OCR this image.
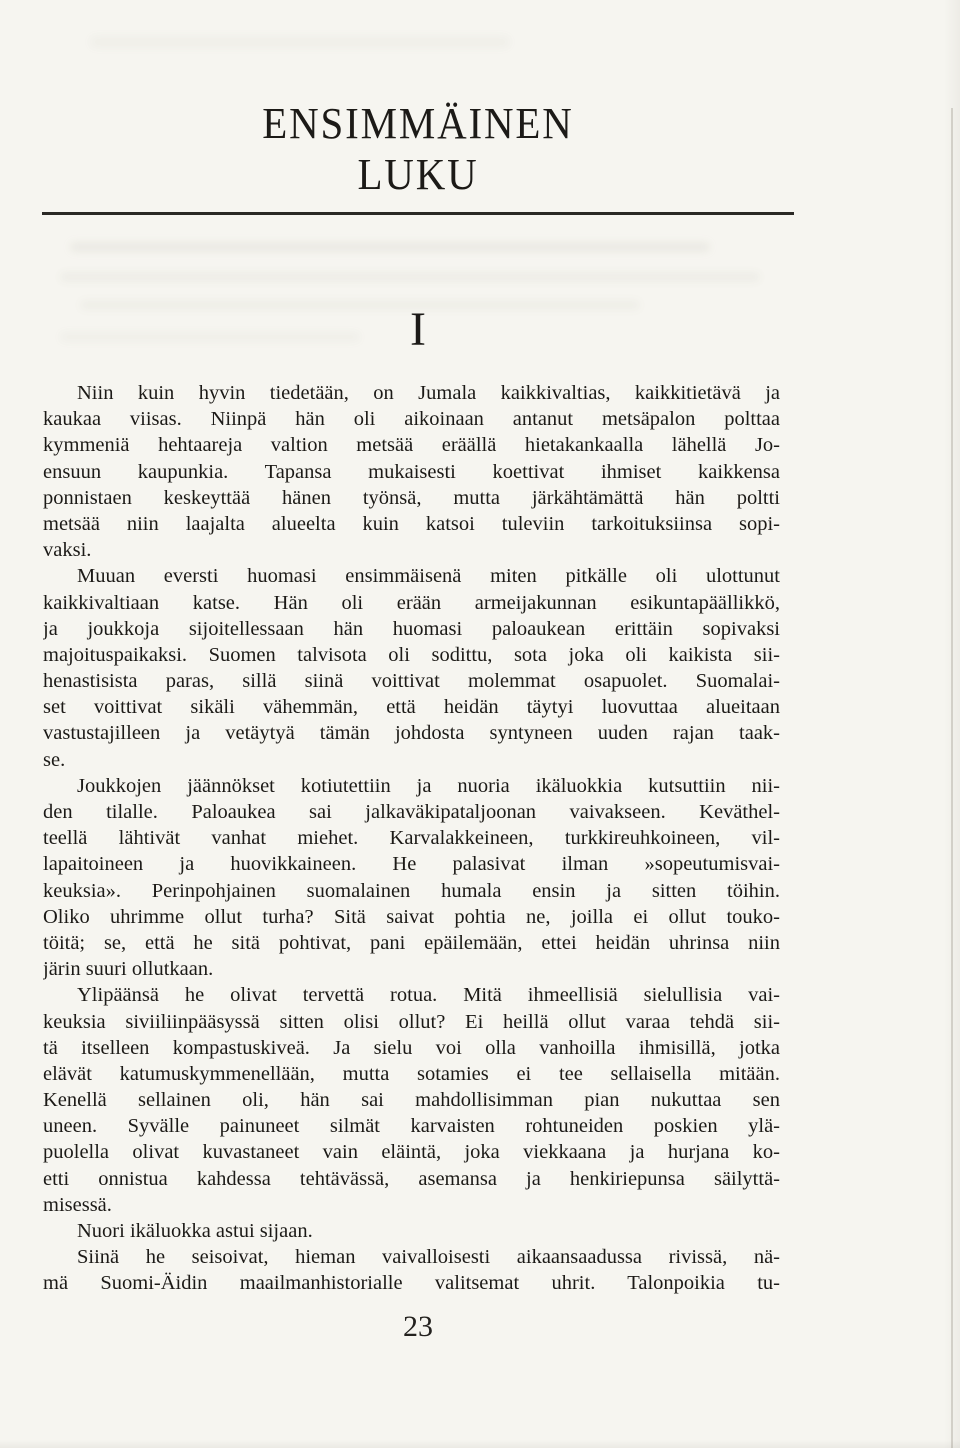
ENSIMMÄINEN
LUKU
I
Niin kuin hyvin tiedetään, on Jumala kaikkivaltias, kaikkitietävä ja
kaukaa viisas. Niinpä hän oli aikoinaan antanut metsäpalon polttaa
kymmeniä hehtaareja valtion metsää eräällä hietakankaalla lähellä Jo-
ensuun kaupunkia. Tapansa mukaisesti koettivat ihmiset kaikkensa
ponnistaen keskeyttää hänen työnsä, mutta järkähtämättä hän poltti
metsää niin laajalta alueelta kuin katsoi tuleviin tarkoituksiinsa sopi-
vaksi.
Muuan eversti huomasi ensimmäisenä miten pitkälle oli ulottunut
kaikkivaltiaan katse. Hän oli erään armeijakunnan esikuntapäällikkö,
ja joukkoja sijoitellessaan hän huomasi paloaukean erittäin sopivaksi
majoituspaikaksi. Suomen talvisota oli sodittu, sota joka oli kaikista sii-
henastisista paras, sillä siinä voittivat molemmat osapuolet. Suomalai-
set voittivat sikäli vähemmän, että heidän täytyi luovuttaa alueitaan
vastustajilleen ja vetäytyä tämän johdosta syntyneen uuden rajan taak-
se.
Joukkojen jäännökset kotiutettiin ja nuoria ikäluokkia kutsuttiin nii-
den tilalle. Paloaukea sai jalkaväkipataljoonan vaivakseen. Keväthel-
teellä lähtivät vanhat miehet. Karvalakkeineen, turkkireuhkoineen, vil-
lapaitoineen ja huovikkaineen. He palasivat ilman »sopeutumisvai-
keuksia». Perinpohjainen suomalainen humala ensin ja sitten töihin.
Oliko uhrimme ollut turha? Sitä saivat pohtia ne, joilla ei ollut touko-
töitä; se, että he sitä pohtivat, pani epäilemään, ettei heidän uhrinsa niin
järin suuri ollutkaan.
Ylipäänsä he olivat tervettä rotua. Mitä ihmeellisiä sielullisia vai-
keuksia siviiliinpääsyssä sitten olisi ollut? Ei heillä ollut varaa tehdä sii-
tä itselleen kompastuskiveä. Ja sielu voi olla vanhoilla ihmisillä, jotka
elävät katumuskymmenellään, mutta sotamies ei tee sellaisella mitään.
Kenellä sellainen oli, hän sai mahdollisimman pian nukuttaa sen
uneen. Syvälle painuneet silmät karvaisten rohtuneiden poskien ylä-
puolella olivat kuvastaneet vain eläintä, joka viekkaana ja hurjana ko-
etti onnistua kahdessa tehtävässä, asemansa ja henkiriepunsa säilyttä-
misessä.
Nuori ikäluokka astui sijaan.
Siinä he seisoivat, hieman vaivalloisesti aikaansaadussa rivissä, nä-
mä Suomi-Äidin maailmanhistorialle valitsemat uhrit. Talonpoikia tu-
23
